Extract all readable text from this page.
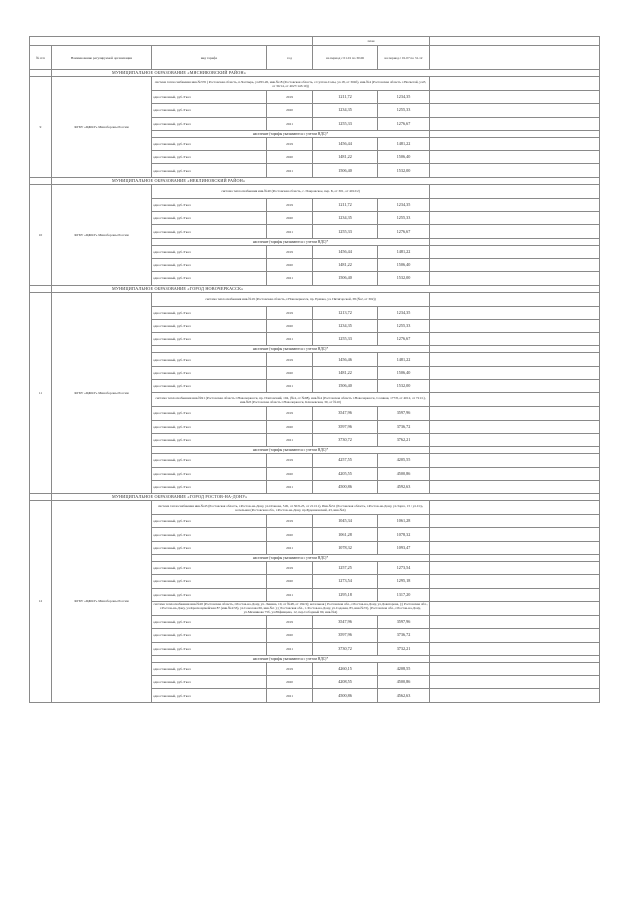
				план		
№ п/п	Наименование регулируемой организации	вид тарифа	год	на период с 01.01 по 30.06	на период с 01.07 по 31.12	
	МУНИЦИПАЛЬНОЕ ОБРАЗОВАНИЕ «МЯСНИКОВСКИЙ РАЙОН»					
9	ФГБУ «ЦЖКУ» Минобороны России	система теплоснабжения инв.№376 ( Ростовская область, п.Чалтырь, ул.РП-26, инв.№18 (Ростовская область, с.Султан-Салы, ул.18, от 304б), инв.№4 (Ростовская область с.Несветай, ул.Е, от 30/14, от 4027/143/10))				
		одноставочный, руб./Гкал	2019	1211,72	1234,35	
		одноставочный, руб./Гкал	2020	1234,35	1255,33	
		одноставочный, руб./Гкал	2021	1255,33	1276,67	
		население (тарифы указываются с учетом НДС)*				
		одноставочный, руб./Гкал	2019	1456,44	1481,22	
		одноставочный, руб./Гкал	2020	1481,22	1506,40	
		одноставочный, руб./Гкал	2021	1506,40	1532,00	
	МУНИЦИПАЛЬНОЕ ОБРАЗОВАНИЕ «НЕКЛИНОВСКИЙ РАЙОН»					
10	ФГБУ «ЦЖКУ» Минобороны России	система теплоснабжения инв.№40 (Ростовская область, с. Покровское, пер. Б, от 301, от 4012/2)				
		одноставочный, руб./Гкал	2019	1211,72	1234,35	
		одноставочный, руб./Гкал	2020	1234,35	1255,33	
		одноставочный, руб./Гкал	2021	1255,33	1276,67	
		население (тарифы указываются с учетом НДС)*				
		одноставочный, руб./Гкал	2019	1456,44	1481,22	
		одноставочный, руб./Гкал	2020	1481,22	1506,40	
		одноставочный, руб./Гкал	2021	1506,40	1532,00	
	МУНИЦИПАЛЬНОЕ ОБРАЗОВАНИЕ «ГОРОД НОВОЧЕРКАССК»					
11	ФГБУ «ЦЖКУ» Минобороны России	система теплоснабжения инв.№19 (Ростовская область, г.Новочеркасск, пр. Ермака, ул. Пятигорской, 38 (№2, от 302))				
		одноставочный, руб./Гкал	2019	1213,72	1234,35	
		одноставочный, руб./Гкал	2020	1234,35	1255,33	
		одноставочный, руб./Гкал	2021	1255,33	1276,67	
		население (тарифы указываются с учетом НДС)*				
		одноставочный, руб./Гкал	2019	1456,46	1481,22	
		одноставочный, руб./Гкал	2020	1481,22	1506,40	
		одноставочный, руб./Гкал	2021	1506,40	1532,00	
		система теплоснабжения инв.№91 (Ростовская область г.Новочеркасск, пр. Платовский, 104, (№4, от №98), инв.№4 (Ростовская область г.Новочеркасск, Соляная, 177/8, от 4012, от 721/1), инв.№8 (Ростовская область г.Новочеркасск, Ключевская, 30, от №10)				
		одноставочный, руб./Гкал	2019	3547,96	3597,96	
		одноставочный, руб./Гкал	2020	3597,96	3736,72	
		одноставочный, руб./Гкал	2021	3730,72	3762,21	
		население (тарифы указываются с учетом НДС)*				
		одноставочный, руб./Гкал	2019	4257,55	4205,55	
		одноставочный, руб./Гкал	2020	4205,55	4500,86	
		одноставочный, руб./Гкал	2021	4500,86	4592,63	
	МУНИЦИПАЛЬНОЕ ОБРАЗОВАНИЕ «ГОРОД РОСТОВ-НА-ДОНУ»					
12	ФГБУ «ЦЖКУ» Минобороны России	система теплоснабжения инв.№43 (Ростовская область, г.Ростов-на-Дону, ул.Оганова, 51Б, от 30/9-25, от 211/11), Инв.№51 (Ростовская область, г.Ростов-на-Дону, ул.Зорге, 15 / ул.Стр, котельная (Ростовская обл., г.Ростов-на-Дону, пр.Буденновский, 43, инв.№4)				
		одноставочный, руб./Гкал	2019	1045,34	1061,28	
		одноставочный, руб./Гкал	2020	1061,28	1078,32	
		одноставочный, руб./Гкал	2021	1078,32	1093,47	
		население (тарифы указываются с учетом НДС)*				
		одноставочный, руб./Гкал	2019	1257,25	1273,54	
		одноставочный, руб./Гкал	2020	1273,54	1295,18	
		одноставочный, руб./Гкал	2021	1295,18	1317,20	
		система теплоснабжения инв.№20 (Ростовская область, г.Ростов-на-Дону, ул. Ленина, 10, от №48, от 192/2); котельная ( Ростовская обл., г.Ростов-на-Дону, ул.Доваторова, );( Ростовская обл., г.Ростов-на-Дону, ул.Красноармейская 87 (инв.№4/33), ул.Соколова 66, инв.№1 ); ( Ростовская обл., г. Ростов-на-Дону, ул.Садовая, 83, инв.№72), (Ростовская обл., г.Ростов-на-Дону, ул.Мечникова 75б, ул.Юфимцева, 12, пер.Соборный 90, инв.№4)				
		одноставочный, руб./Гкал	2019	3547,96	3597,96	
		одноставочный, руб./Гкал	2020	3597,96	3736,72	
		одноставочный, руб./Гкал	2021	3730,72	3732,21	
		население (тарифы указываются с учетом НДС)*				
		одноставочный, руб./Гкал	2019	4260,15	4208,55	
		одноставочный, руб./Гкал	2020	4208,55	4500,86	
		одноставочный, руб./Гкал	2021	4500,86	4562,63	
